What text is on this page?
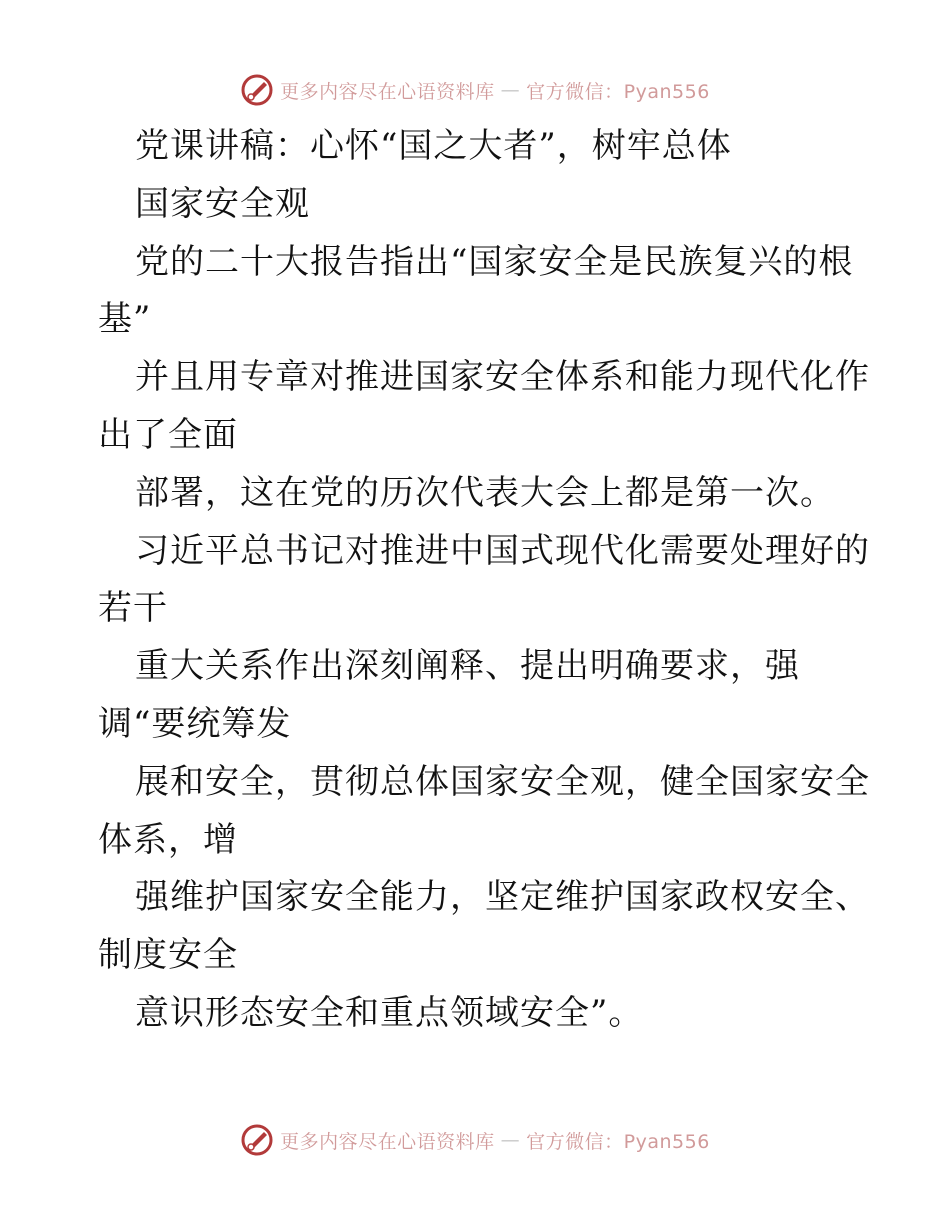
更多内容尽在心语资料库 — 官方微信：Pyan556
党课讲稿：心怀“国之大者”，树牢总体
国家安全观
党的二十大报告指出“国家安全是民族复兴的根
基”
并且用专章对推进国家安全体系和能力现代化作
出了全面
部署，这在党的历次代表大会上都是第一次。
习近平总书记对推进中国式现代化需要处理好的
若干
重大关系作出深刻阐释、提出明确要求，强
调“要统筹发
展和安全，贯彻总体国家安全观，健全国家安全
体系，增
强维护国家安全能力，坚定维护国家政权安全、
制度安全
意识形态安全和重点领域安全”。
更多内容尽在心语资料库 — 官方微信：Pyan556
